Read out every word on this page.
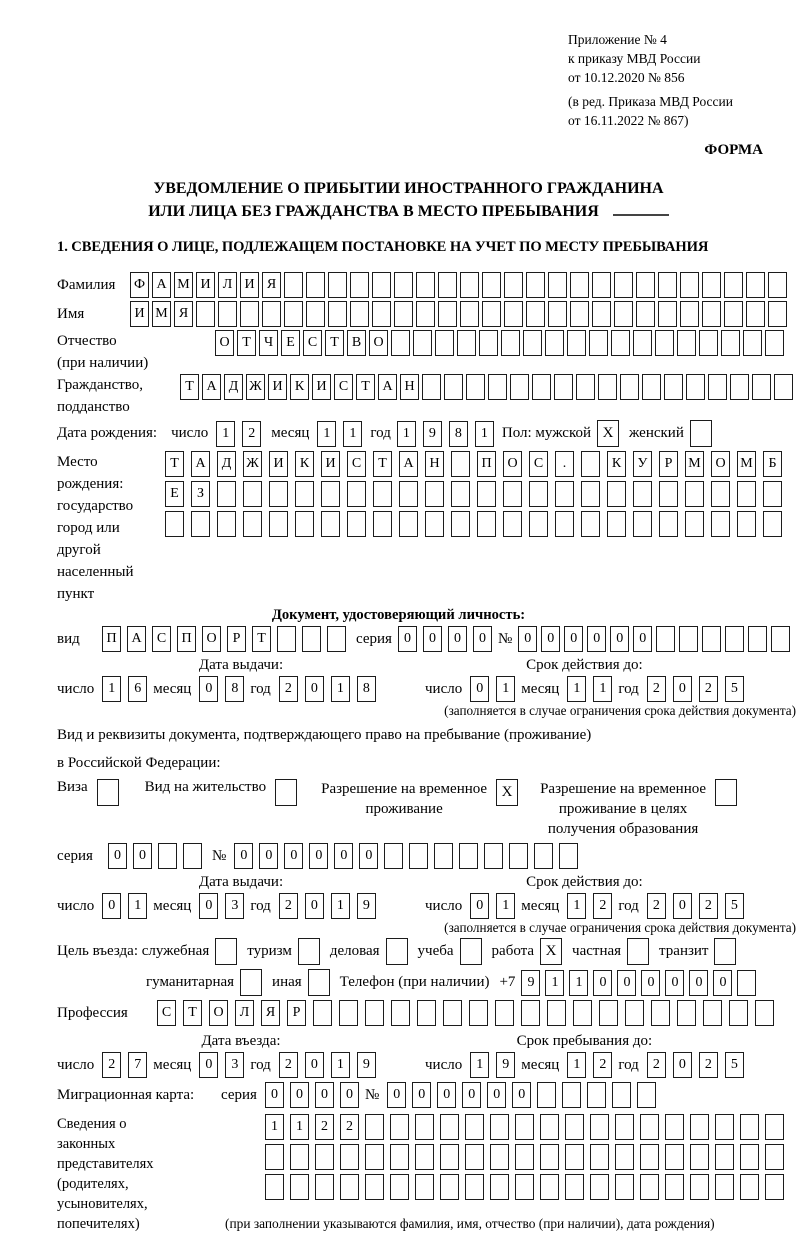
Приложение № 4
к приказу МВД России
от 10.12.2020 № 856
(в ред. Приказа МВД России
от 16.11.2022 № 867)
ФОРМА
УВЕДОМЛЕНИЕ О ПРИБЫТИИ ИНОСТРАННОГО ГРАЖДАНИНА
ИЛИ ЛИЦА БЕЗ ГРАЖДАНСТВА В МЕСТО ПРЕБЫВАНИЯ
1. СВЕДЕНИЯ О ЛИЦЕ, ПОДЛЕЖАЩЕМ ПОСТАНОВКЕ НА УЧЕТ ПО МЕСТУ ПРЕБЫВАНИЯ
Фамилия	Ф А М И Л И Я
Имя	И М Я
Отчество
(при наличии)
О Т Ч Е С Т В О
Гражданство,
подданство
Т А Д Ж И К И С Т А Н
Дата рождения: число	1	2	месяц	1	1 год 1	9	8	1 Пол: мужской X	женский
Место рождения:
государство
город или другой
населенный пункт
Т	А	Д	Ж	И	К	И	С	Т	А	Н	П	О	С	.	К	У	Р	М	О	М	Б
Е	З
Документ, удостоверяющий личность:
вид	П	А	С	П	О	Р	Т	серия 0	0	0	0 № 0	0	0	0	0	0
Дата выдачи:
число	1	6 месяц	0	8 год	2	0	1	8
Срок действия до:
число	0	1 месяц	1	1 год	2	0	2	5
(заполняется в случае ограничения срока действия документа)
Вид и реквизиты документа, подтверждающего право на пребывание (проживание)
в Российской Федерации:
Виза	Вид на жительство	Разрешение на временное
проживание
X	Разрешение на временное
проживание в целях
получения образования
серия	0	0	№	0	0	0	0	0	0
Дата выдачи:
число	0	1 месяц	0	3 год	2	0	1	9
Срок действия до:
число	0	1 месяц	1	2 год	2	0	2	5
(заполняется в случае ограничения срока действия документа)
Цель въезда: служебная	туризм	деловая	учеба	работа X	частная	транзит
гуманитарная	иная	Телефон (при наличии) +7 9	1	1	0	0	0	0	0	0
Профессия	С	Т	О	Л	Я	Р
Дата въезда:
число	2	7 месяц	0	3 год	2	0	1	9
Срок пребывания до:
число	1	9 месяц	1	2 год	2	0	2	5
Миграционная карта:	серия	0	0	0	0 №	0	0	0	0	0	0
Сведения о
законных
представителях
(родителях,
усыновителях,
попечителях)
1	1	2	2
(при заполнении указываются фамилия, имя, отчество (при наличии), дата рождения)
